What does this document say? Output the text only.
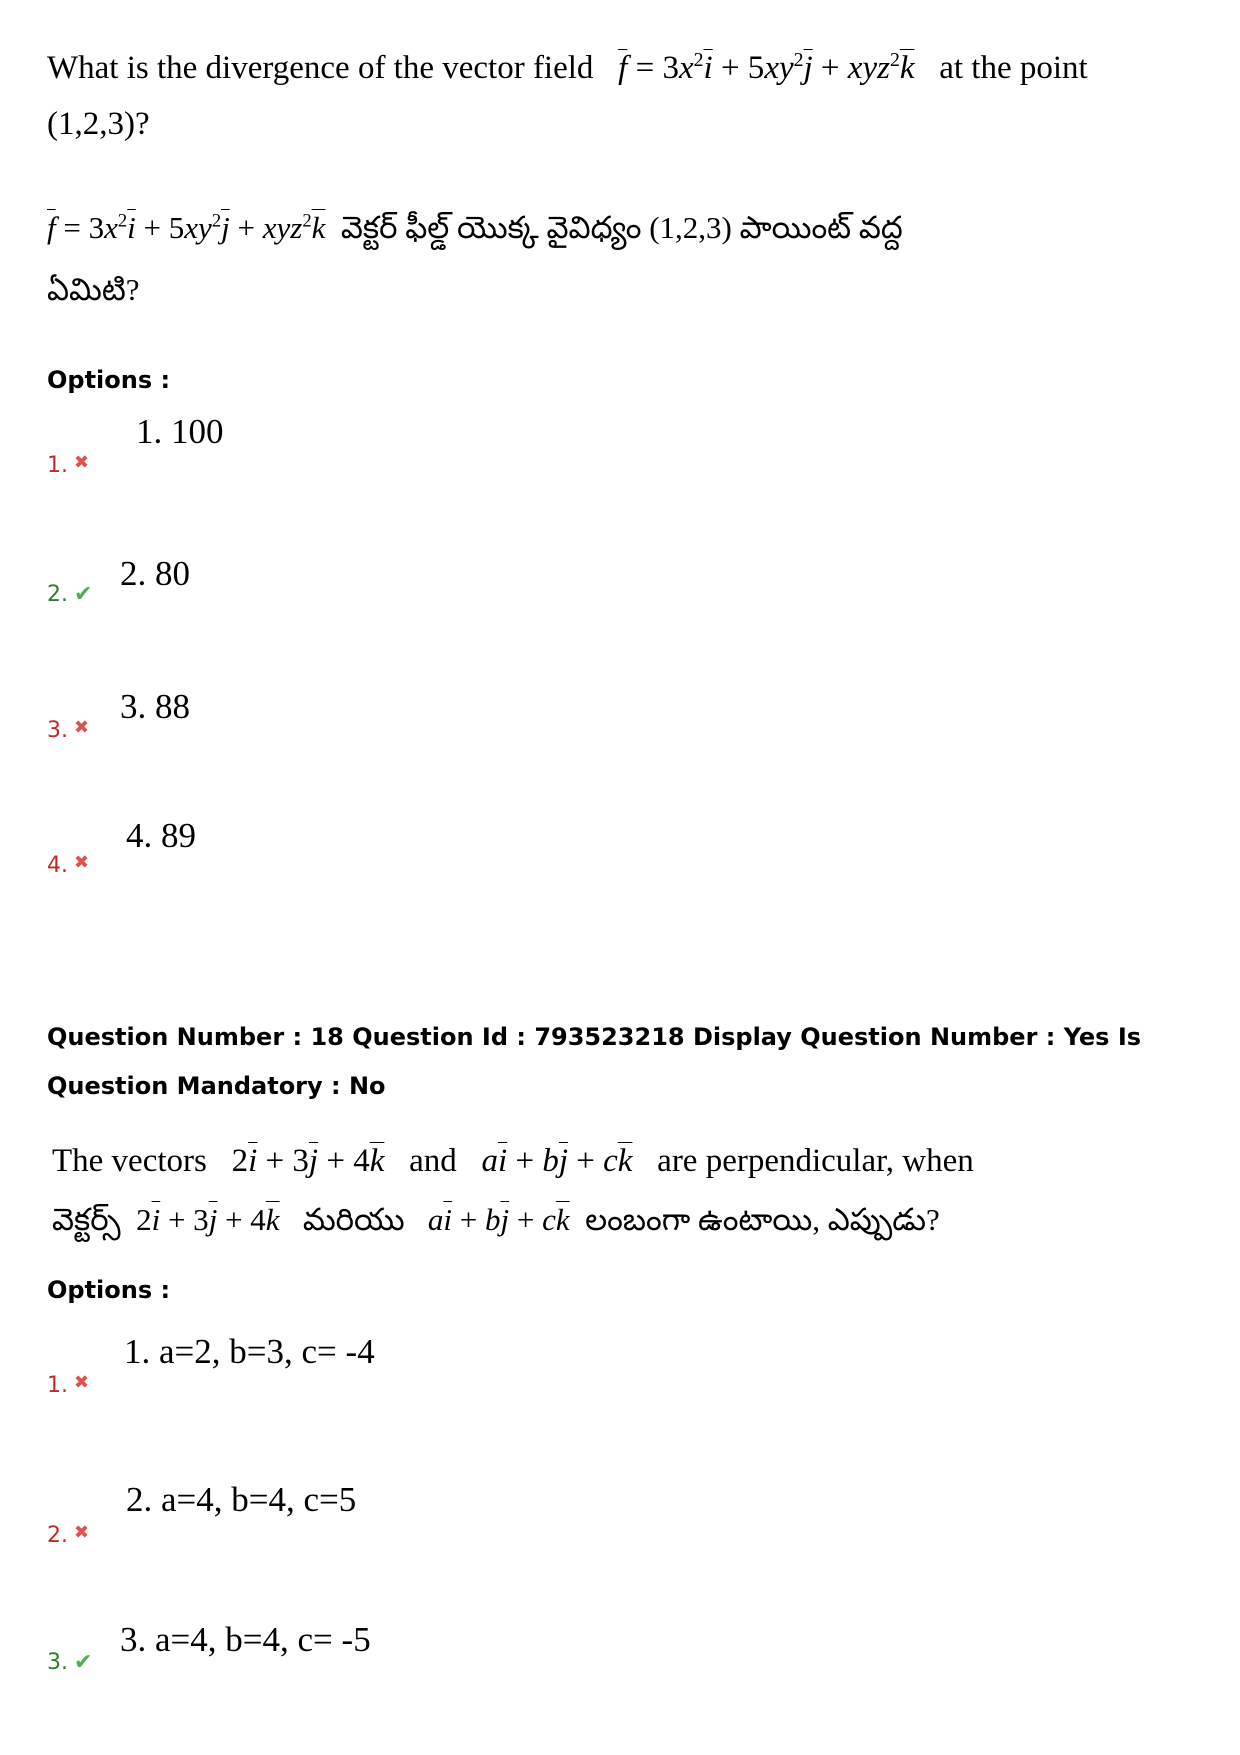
What is the divergence of the vector field $\overline{f} = 3x^2\overline{i} + 5xy^2\overline{j} + xyz^2\overline{k}$ at the point
(1,2,3)?
$\overline{f} = 3x^2\overline{i} + 5xy^2\overline{j} + xyz^2\overline{k}$ వెక్టర్ ఫీల్డ్ యొక్క వైవిధ్యం (1,2,3) పాయింట్ వద్ద
ఏమిటి?
Options :
1. 100
1. ✖
2. 80
2. ✔
3. 88
3. ✖
4. 89
4. ✖
Question Number : 18 Question Id : 793523218 Display Question Number : Yes Is Question Mandatory : No
The vectors $2\overline{i} + 3\overline{j} + 4\overline{k}$ and $a\overline{i} + b\overline{j} + c\overline{k}$ are perpendicular, when
వెక్టర్స్ $2\overline{i} + 3\overline{j} + 4\overline{k}$ మరియు $a\overline{i} + b\overline{j} + c\overline{k}$ లంబంగా ఉంటాయి, ఎప్పుడు?
Options :
1. a=2, b=3, c= -4
1. ✖
2. a=4, b=4, c=5
2. ✖
3. a=4, b=4, c= -5
3. ✔
